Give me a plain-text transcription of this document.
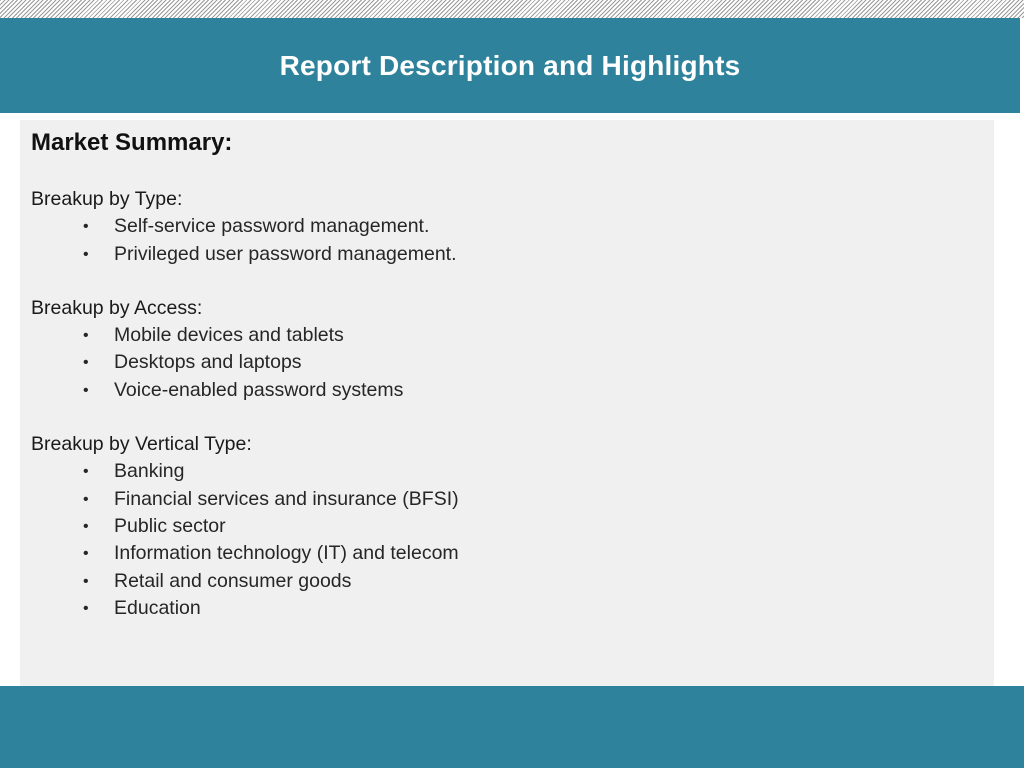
Report Description and Highlights
Market Summary:
Breakup by Type:
• Self-service password management.
• Privileged user password management.
Breakup by Access:
• Mobile devices and tablets
• Desktops and laptops
• Voice-enabled password systems
Breakup by Vertical Type:
• Banking
• Financial services and insurance (BFSI)
• Public sector
• Information technology (IT) and telecom
• Retail and consumer goods
• Education
